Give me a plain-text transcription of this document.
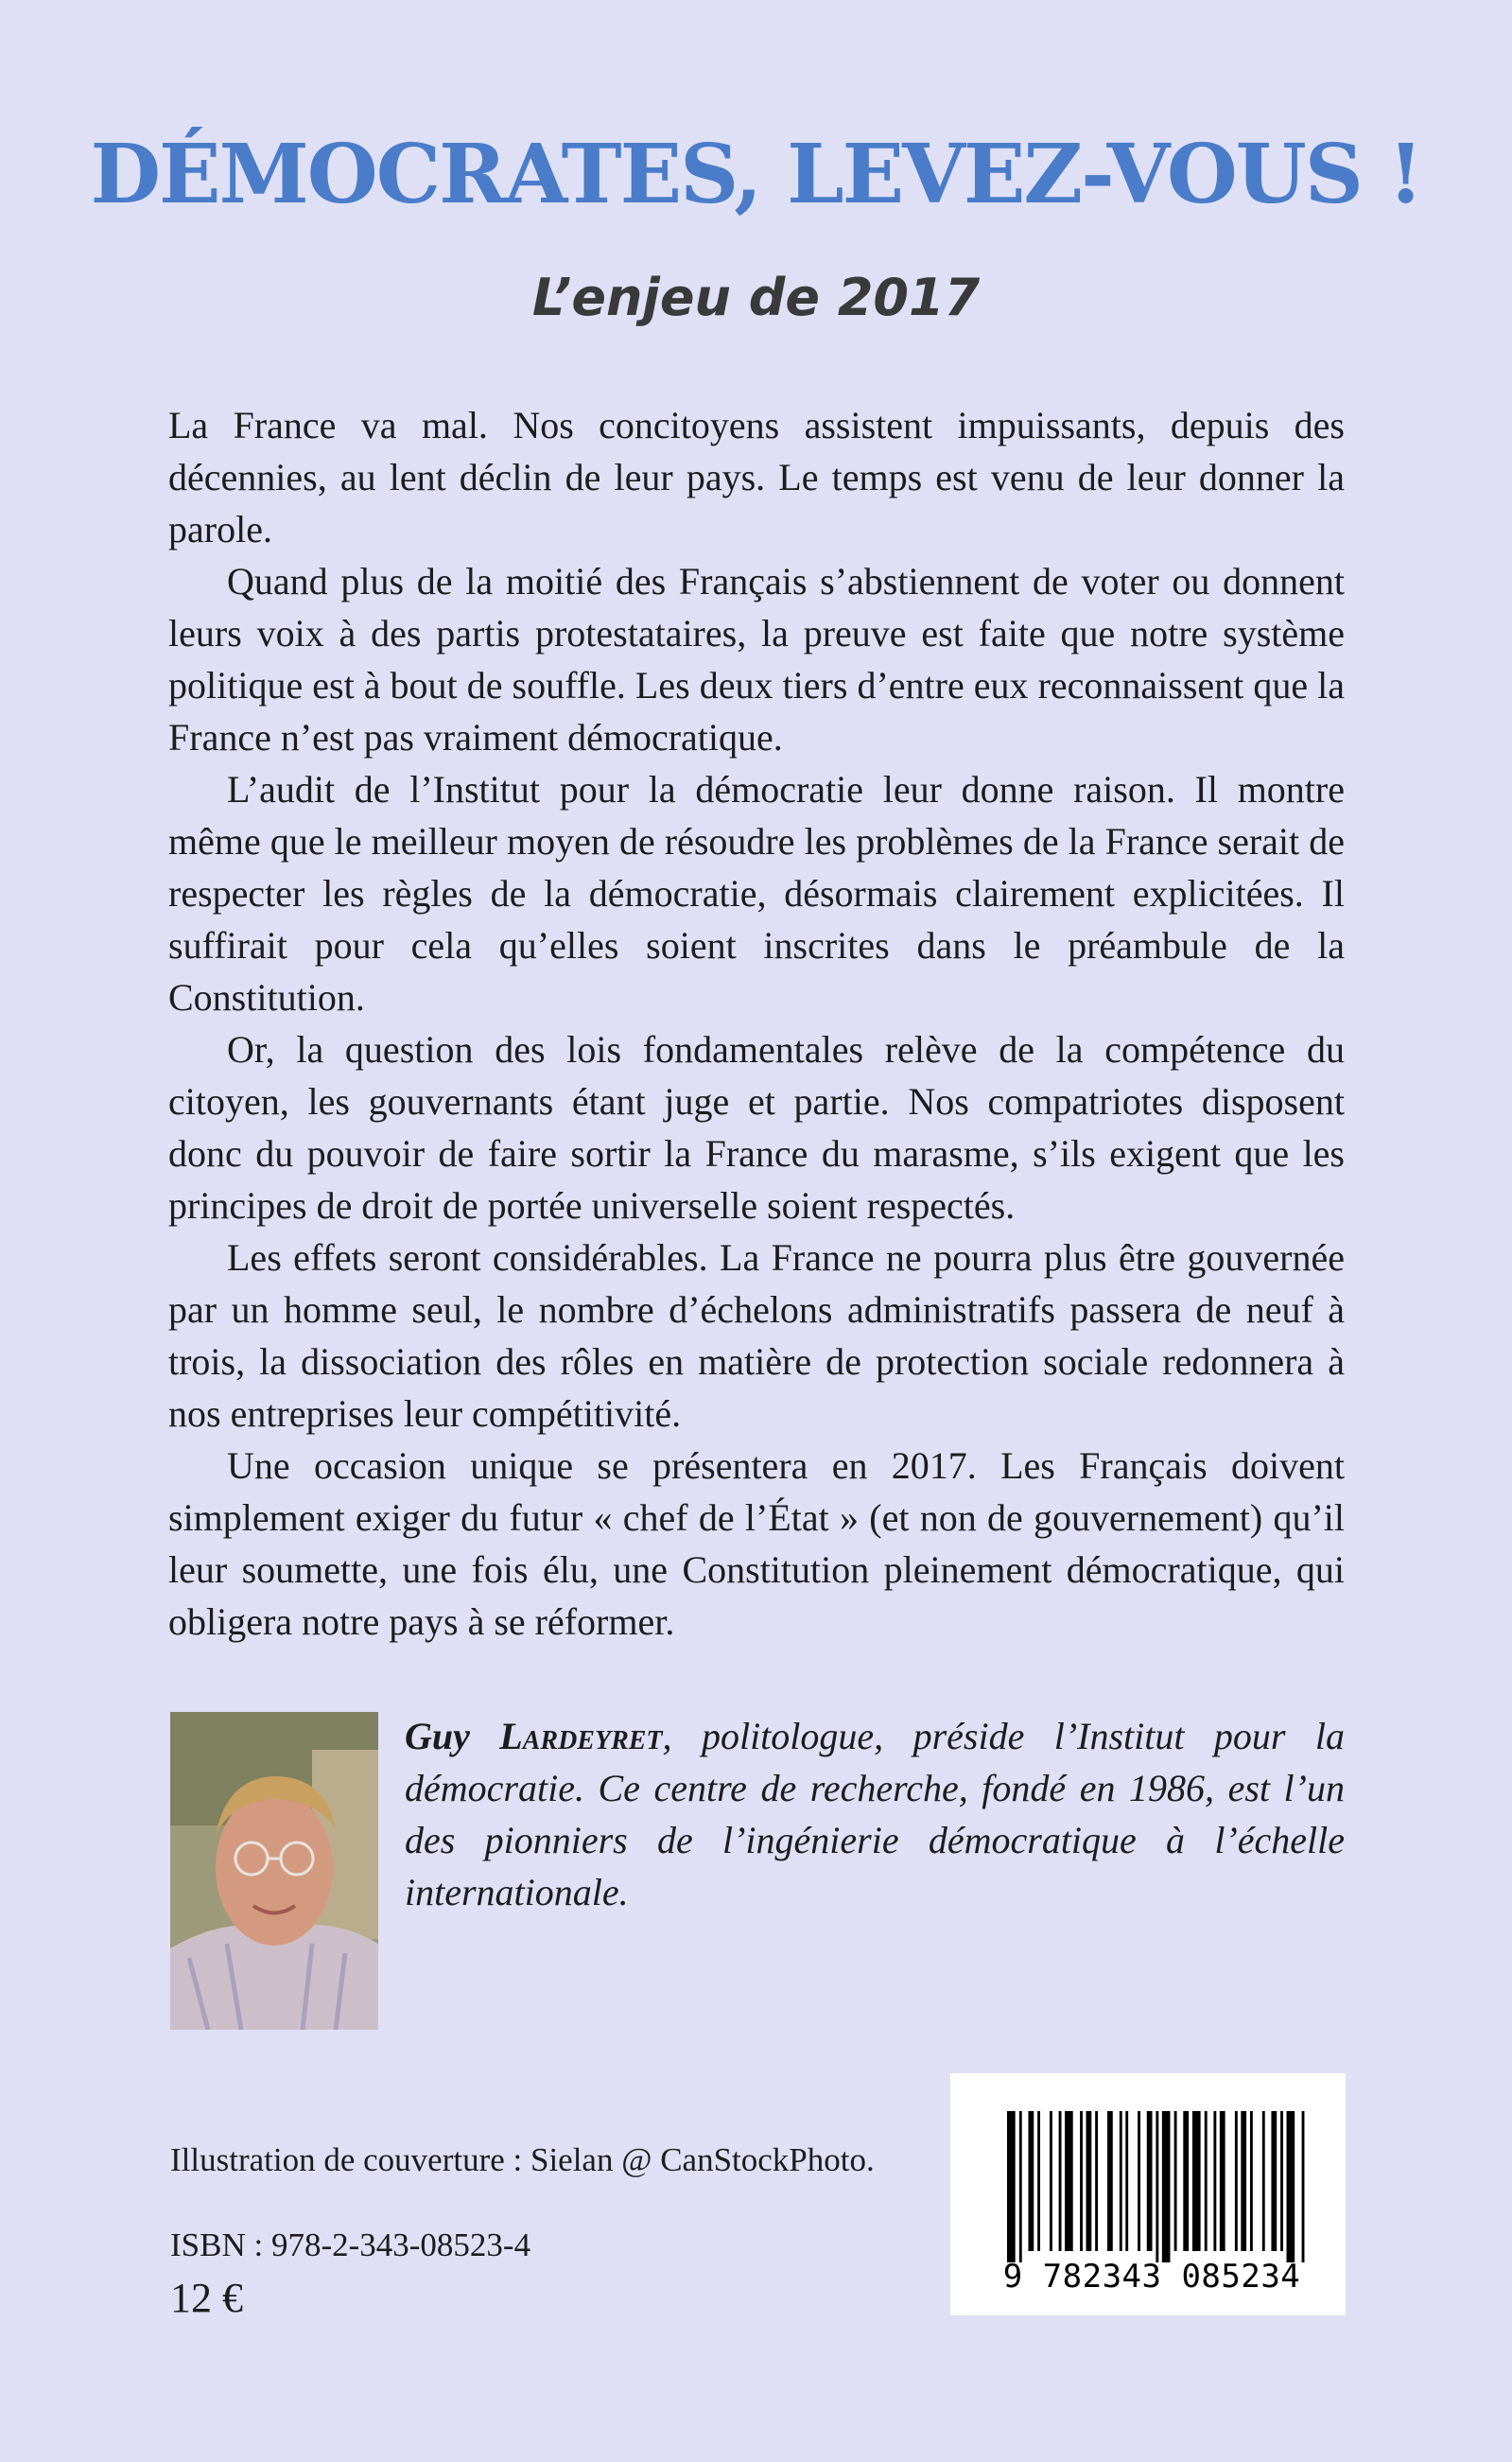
DÉMOCRATES, LEVEZ-VOUS !
L’enjeu de 2017

La France va mal. Nos concitoyens assistent impuissants, depuis des décennies, au lent déclin de leur pays. Le temps est venu de leur donner la parole.

Quand plus de la moitié des Français s’abstiennent de voter ou donnent leurs voix à des partis protestataires, la preuve est faite que notre système politique est à bout de souffle. Les deux tiers d’entre eux reconnaissent que la France n’est pas vraiment démocratique.

L’audit de l’Institut pour la démocratie leur donne raison. Il montre même que le meilleur moyen de résoudre les problèmes de la France serait de respecter les règles de la démocratie, désormais clairement explicitées. Il suffirait pour cela qu’elles soient inscrites dans le préambule de la Constitution.

Or, la question des lois fondamentales relève de la compétence du citoyen, les gouvernants étant juge et partie. Nos compatriotes disposent donc du pouvoir de faire sortir la France du marasme, s’ils exigent que les principes de droit de portée universelle soient respectés.

Les effets seront considérables. La France ne pourra plus être gouvernée par un homme seul, le nombre d’échelons administratifs passera de neuf à trois, la dissociation des rôles en matière de protection sociale redonnera à nos entreprises leur compétitivité.

Une occasion unique se présentera en 2017. Les Français doivent simplement exiger du futur « chef de l’État » (et non de gouvernement) qu’il leur soumette, une fois élu, une Constitution pleinement démocratique, qui obligera notre pays à se réformer.

Guy Lardeyret, politologue, préside l’Institut pour la démocratie. Ce centre de recherche, fondé en 1986, est l’un des pionniers de l’ingénierie démocratique à l’échelle internationale.
Illustration de couverture : Sielan @ CanStockPhoto.
ISBN : 978-2-343-08523-4
12 €	9 782343 085234
